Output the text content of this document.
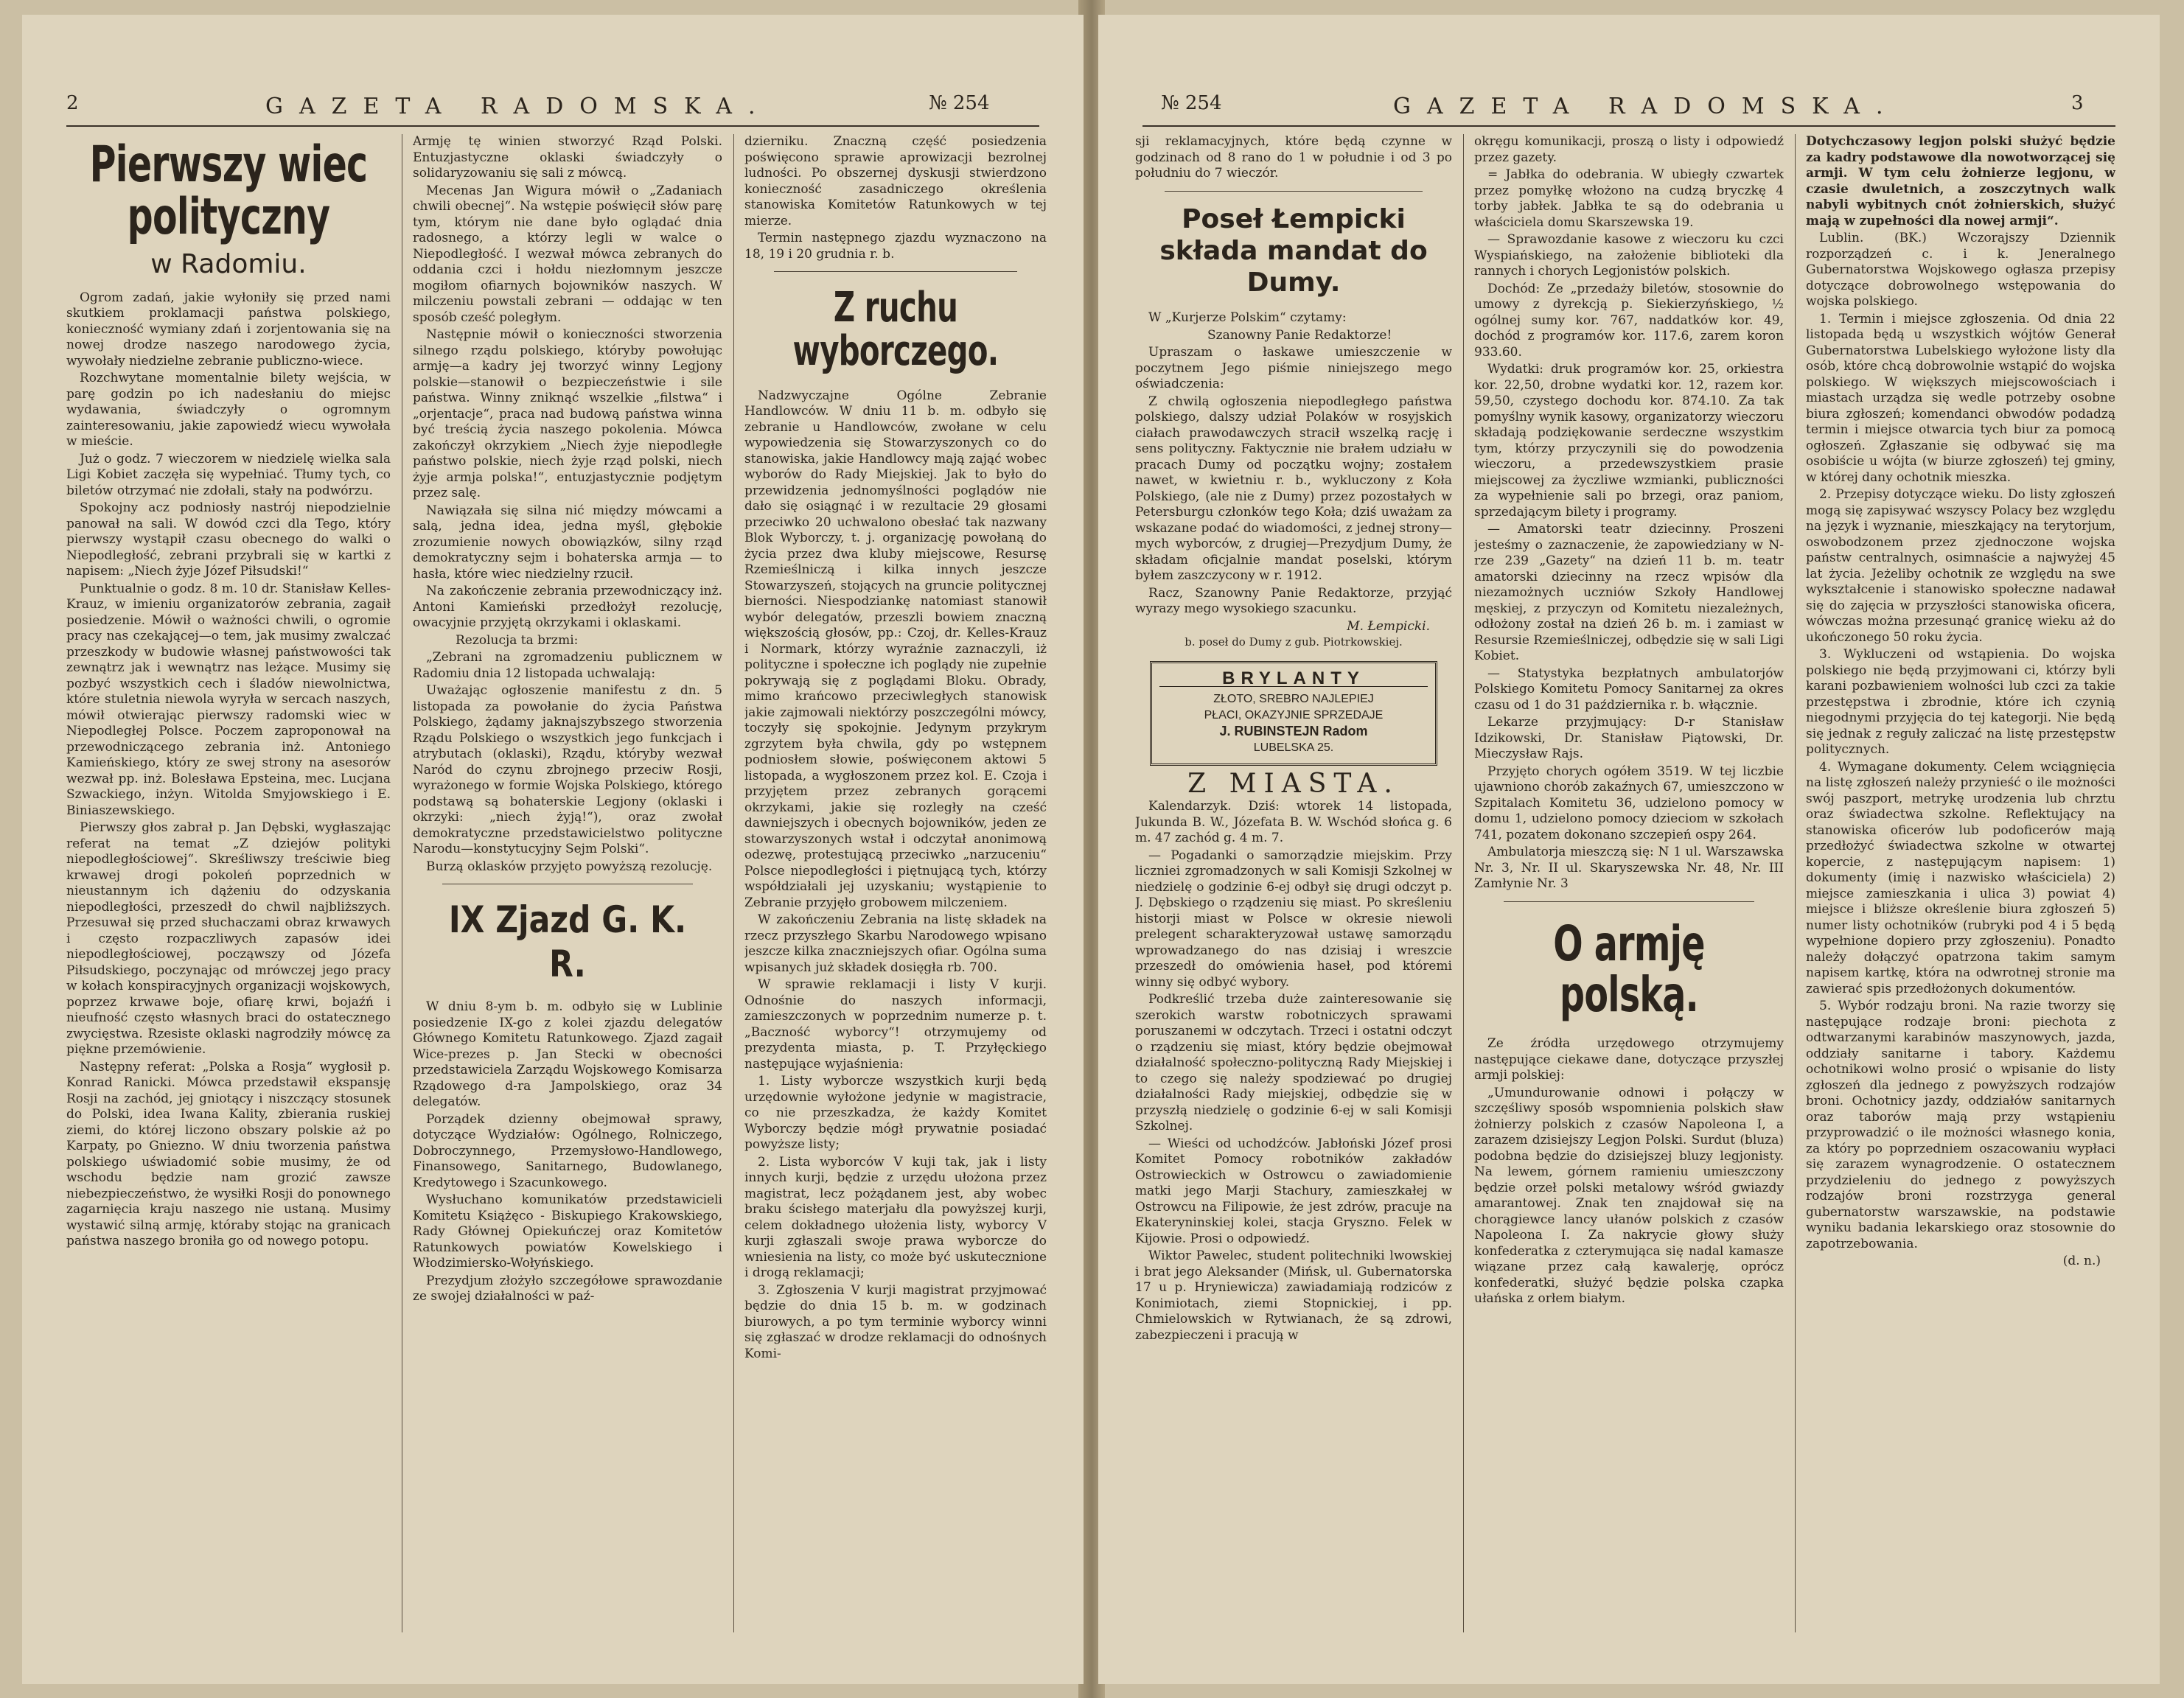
2	GAZETA RADOMSKA.	№ 254
Pierwszy wiec polityczny
w Radomiu.

Ogrom zadań, jakie wyłoniły się przed nami skutkiem proklamacji państwa polskiego, konieczność wymiany zdań i zorjentowania się na nowej drodze naszego narodowego życia, wywołały niedzielne zebranie publiczno-wiece.

Rozchwytane momentalnie bilety wejścia, w parę godzin po ich nadesłaniu do miejsc wydawania, świadczyły o ogromnym zainteresowaniu, jakie zapowiedź wiecu wywołała w mieście.

Już o godz. 7 wieczorem w niedzielę wielka sala Ligi Kobiet zaczęła się wypełniać. Tłumy tych, co biletów otrzymać nie zdołali, stały na podwórzu.

Spokojny acz podniosły nastrój niepodzielnie panował na sali. W dowód czci dla Tego, który pierwszy wystąpił czasu obecnego do walki o Niepodległość, zebrani przybrali się w kartki z napisem: „Niech żyje Józef Piłsudski!“

Punktualnie o godz. 8 m. 10 dr. Stanisław Kelles-Krauz, w imieniu organizatorów zebrania, zagaił posiedzenie. Mówił o ważności chwili, o ogromie pracy nas czekającej—o tem, jak musimy zwalczać przeszkody w budowie własnej państwowości tak zewnątrz jak i wewnątrz nas leżące. Musimy się pozbyć wszystkich cech i śladów niewolnictwa, które stuletnia niewola wyryła w sercach naszych, mówił otwierając pierwszy radomski wiec w Niepodległej Polsce. Poczem zaproponował na przewodniczącego zebrania inż. Antoniego Kamieńskiego, który ze swej strony na asesorów wezwał pp. inż. Bolesława Epsteina, mec. Lucjana Szwackiego, inżyn. Witolda Smyjowskiego i E. Biniaszewskiego.

Pierwszy głos zabrał p. Jan Dębski, wygłaszając referat na temat „Z dziejów polityki niepodległościowej“. Skreśliwszy treściwie bieg krwawej drogi pokoleń poprzednich w nieustannym ich dążeniu do odzyskania niepodległości, przeszedł do chwil najbliższych. Przesuwał się przed słuchaczami obraz krwawych i często rozpaczliwych zapasów idei niepodległościowej, począwszy od Józefa Piłsudskiego, poczynając od mrówczej jego pracy w kołach konspiracyjnych organizacji wojskowych, poprzez krwawe boje, ofiarę krwi, bojaźń i nieufność często własnych braci do ostatecznego zwycięstwa. Rzesiste oklaski nagrodziły mówcę za piękne przemówienie.

Następny referat: „Polska a Rosja“ wygłosił p. Konrad Ranicki. Mówca przedstawił ekspansję Rosji na zachód, jej gniotący i niszczący stosunek do Polski, idea Iwana Kality, zbierania ruskiej ziemi, do której liczono obszary polskie aż po Karpaty, po Gniezno. W dniu tworzenia państwa polskiego uświadomić sobie musimy, że od wschodu będzie nam grozić zawsze niebezpieczeństwo, że wysiłki Rosji do ponownego zagarnięcia kraju naszego nie ustaną. Musimy wystawić silną armję, któraby stojąc na granicach państwa naszego broniła go od nowego potopu.

Armję tę winien stworzyć Rząd Polski. Entuzjastyczne oklaski świadczyły o solidaryzowaniu się sali z mówcą.

Mecenas Jan Wigura mówił o „Zadaniach chwili obecnej“. Na wstępie poświęcił słów parę tym, którym nie dane było oglądać dnia radosnego, a którzy legli w walce o Niepodległość. I wezwał mówca zebranych do oddania czci i hołdu niezłomnym jeszcze mogiłom ofiarnych bojowników naszych. W milczeniu powstali zebrani — oddając w ten sposób cześć poległym.

Następnie mówił o konieczności stworzenia silnego rządu polskiego, któryby powołując armję—a kadry jej tworzyć winny Legjony polskie—stanowił o bezpieczeństwie i sile państwa. Winny zniknąć wszelkie „filstwa“ i „orjentacje“, praca nad budową państwa winna być treścią życia naszego pokolenia. Mówca zakończył okrzykiem „Niech żyje niepodległe państwo polskie, niech żyje rząd polski, niech żyje armja polska!“, entuzjastycznie podjętym przez salę.

Nawiązała się silna nić między mówcami a salą, jedna idea, jedna myśl, głębokie zrozumienie nowych obowiązków, silny rząd demokratyczny sejm i bohaterska armja — to hasła, które wiec niedzielny rzucił.

Na zakończenie zebrania przewodniczący inż. Antoni Kamieński przedłożył rezolucję, owacyjnie przyjętą okrzykami i oklaskami.

Rezolucja ta brzmi:

„Zebrani na zgromadzeniu publicznem w Radomiu dnia 12 listopada uchwalają:

Uważając ogłoszenie manifestu z dn. 5 listopada za powołanie do życia Państwa Polskiego, żądamy jaknajszybszego stworzenia Rządu Polskiego o wszystkich jego funkcjach i atrybutach (oklaski), Rządu, któryby wezwał Naród do czynu zbrojnego przeciw Rosji, wyrażonego w formie Wojska Polskiego, którego podstawą są bohaterskie Legjony (oklaski i okrzyki: „niech żyją!“), oraz zwołał demokratyczne przedstawicielstwo polityczne Narodu—konstytucyjny Sejm Polski“.

Burzą oklasków przyjęto powyższą rezolucję.

IX Zjazd G. K. R.

W dniu 8-ym b. m. odbyło się w Lublinie posiedzenie IX-go z kolei zjazdu delegatów Głównego Komitetu Ratunkowego. Zjazd zagaił Wice-prezes p. Jan Stecki w obecności przedstawiciela Zarządu Wojskowego Komisarza Rządowego d-ra Jampolskiego, oraz 34 delegatów.

Porządek dzienny obejmował sprawy, dotyczące Wydziałów: Ogólnego, Rolniczego, Dobroczynnego, Przemysłowo-Handlowego, Finansowego, Sanitarnego, Budowlanego, Kredytowego i Szacunkowego.

Wysłuchano komunikatów przedstawicieli Komitetu Książęco - Biskupiego Krakowskiego, Rady Głównej Opiekuńczej oraz Komitetów Ratunkowych powiatów Kowelskiego i Włodzimiersko-Wołyńskiego.

Prezydjum złożyło szczegółowe sprawozdanie ze swojej działalności w paź-

dzierniku. Znaczną część posiedzenia poświęcono sprawie aprowizacji bezrolnej ludności. Po obszernej dyskusji stwierdzono konieczność zasadniczego określenia stanowiska Komitetów Ratunkowych w tej mierze.

Termin następnego zjazdu wyznaczono na 18, 19 i 20 grudnia r. b.

Z ruchu wyborczego.

Nadzwyczajne Ogólne Zebranie Handlowców. W dniu 11 b. m. odbyło się zebranie u Handlowców, zwołane w celu wypowiedzenia się Stowarzyszonych co do stanowiska, jakie Handlowcy mają zająć wobec wyborów do Rady Miejskiej. Jak to było do przewidzenia jednomyślności poglądów nie dało się osiągnąć i w rezultacie 29 głosami przeciwko 20 uchwalono obesłać tak nazwany Blok Wyborczy, t. j. organizację powołaną do życia przez dwa kluby miejscowe, Resursę Rzemieślniczą i kilka innych jeszcze Stowarzyszeń, stojących na gruncie politycznej bierności. Niespodziankę natomiast stanowił wybór delegatów, przeszli bowiem znaczną większością głosów, pp.: Czoj, dr. Kelles-Krauz i Normark, którzy wyraźnie zaznaczyli, iż polityczne i społeczne ich poglądy nie zupełnie pokrywają się z poglądami Bloku. Obrady, mimo krańcowo przeciwległych stanowisk jakie zajmowali niektórzy poszczególni mówcy, toczyły się spokojnie. Jedynym przykrym zgrzytem była chwila, gdy po wstępnem podniosłem słowie, poświęconem aktowi 5 listopada, a wygłoszonem przez kol. E. Czoja i przyjętem przez zebranych gorącemi okrzykami, jakie się rozległy na cześć dawniejszych i obecnych bojowników, jeden ze stowarzyszonych wstał i odczytał anonimową odezwę, protestującą przeciwko „narzuceniu“ Polsce niepodległości i piętnującą tych, którzy współdziałali jej uzyskaniu; wystąpienie to Zebranie przyjęło grobowem milczeniem.

W zakończeniu Zebrania na listę składek na rzecz przyszłego Skarbu Narodowego wpisano jeszcze kilka znaczniejszych ofiar. Ogólna suma wpisanych już składek dosięgła rb. 700.

W sprawie reklamacji i listy V kurji. Odnośnie do naszych informacji, zamieszczonych w poprzednim numerze p. t. „Baczność wyborcy“! otrzymujemy od prezydenta miasta, p. T. Przyłęckiego następujące wyjaśnienia:

1. Listy wyborcze wszystkich kurji będą urzędownie wyłożone jedynie w magistracie, co nie przeszkadza, że każdy Komitet Wyborczy będzie mógł prywatnie posiadać powyższe listy;

2. Lista wyborców V kuji tak, jak i listy innych kurji, będzie z urzędu ułożona przez magistrat, lecz pożądanem jest, aby wobec braku ścisłego materjału dla powyższej kurji, celem dokładnego ułożenia listy, wyborcy V kurji zgłaszali swoje prawa wyborcze do wniesienia na listy, co może być uskutecznione i drogą reklamacji;

3. Zgłoszenia V kurji magistrat przyjmować będzie do dnia 15 b. m. w godzinach biurowych, a po tym terminie wyborcy winni się zgłaszać w drodze reklamacji do odnośnych Komi-

№ 254	GAZETA RADOMSKA.	3

sji reklamacyjnych, które będą czynne w godzinach od 8 rano do 1 w południe i od 3 po południu do 7 wieczór.

Poseł Łempicki składa mandat do Dumy.

W „Kurjerze Polskim“ czytamy:

Szanowny Panie Redaktorze!

Upraszam o łaskawe umieszczenie w poczytnem Jego piśmie niniejszego mego oświadczenia:

Z chwilą ogłoszenia niepodległego państwa polskiego, dalszy udział Polaków w rosyjskich ciałach prawodawczych stracił wszelką rację i sens polityczny. Faktycznie nie brałem udziału w pracach Dumy od początku wojny; zostałem nawet, w kwietniu r. b., wykluczony z Koła Polskiego, (ale nie z Dumy) przez pozostałych w Petersburgu członków tego Koła; dziś uważam za wskazane podać do wiadomości, z jednej strony—mych wyborców, z drugiej—Prezydjum Dumy, że składam oficjalnie mandat poselski, którym byłem zaszczycony w r. 1912.

Racz, Szanowny Panie Redaktorze, przyjąć wyrazy mego wysokiego szacunku.

M. Łempicki.
b. poseł do Dumy z gub. Piotrkowskiej.
BRYLANTY
ZŁOTO, SREBRO NAJLEPIEJ
PŁACI, OKAZYJNIE SPRZEDAJE
J. RUBINSTEJN Radom
LUBELSKA 25.
Z MIASTA.

Kalendarzyk. Dziś: wtorek 14 listopada, Jukunda B. W., Józefata B. W. Wschód słońca g. 6 m. 47 zachód g. 4 m. 7.

— Pogadanki o samorządzie miejskim. Przy liczniei zgromadzonych w sali Komisji Szkolnej w niedzielę o godzinie 6-ej odbył się drugi odczyt p. J. Dębskiego o rządzeniu się miast. Po skreśleniu historji miast w Polsce w okresie niewoli prelegent scharakteryzował ustawę samorządu wprowadzanego do nas dzisiaj i wreszcie przeszedł do omówienia haseł, pod któremi winny się odbyć wybory.

Podkreślić trzeba duże zainteresowanie się szerokich warstw robotniczych sprawami poruszanemi w odczytach. Trzeci i ostatni odczyt o rządzeniu się miast, który będzie obejmował działalność społeczno-polityczną Rady Miejskiej i to czego się należy spodziewać po drugiej działalności Rady miejskiej, odbędzie się w przyszłą niedzielę o godzinie 6-ej w sali Komisji Szkolnej.

— Wieści od uchodźców. Jabłoński Józef prosi Komitet Pomocy robotników zakładów Ostrowieckich w Ostrowcu o zawiadomienie matki jego Marji Stachury, zamieszkałej w Ostrowcu na Filipowie, że jest zdrów, pracuje na Ekateryninskiej kolei, stacja Gryszno. Felek w Kijowie. Prosi o odpowiedź.

Wiktor Pawelec, student politechniki lwowskiej i brat jego Aleksander (Mińsk, ul. Gubernatorska 17 u p. Hryniewicza) zawiadamiają rodziców z Konimiotach, ziemi Stopnickiej, i pp. Chmielowskich w Rytwianach, że są zdrowi, zabezpieczeni i pracują w

okręgu komunikacji, proszą o listy i odpowiedź przez gazety.

= Jabłka do odebrania. W ubiegły czwartek przez pomyłkę włożono na cudzą bryczkę 4 torby jabłek. Jabłka te są do odebrania u właściciela domu Skarszewska 19.

— Sprawozdanie kasowe z wieczoru ku czci Wyspiańskiego, na założenie biblioteki dla rannych i chorych Legjonistów polskich.

Dochód: Ze „przedaży biletów, stosownie do umowy z dyrekcją p. Siekierzyńskiego, ½ ogólnej sumy kor. 767, naddatków kor. 49, dochód z programów kor. 117.6, zarem koron 933.60.

Wydatki: druk programów kor. 25, orkiestra kor. 22,50, drobne wydatki kor. 12, razem kor. 59,50, czystego dochodu kor. 874.10. Za tak pomyślny wynik kasowy, organizatorzy wieczoru składają podziękowanie serdeczne wszystkim tym, którzy przyczynili się do powodzenia wieczoru, a przedewszystkiem prasie miejscowej za życzliwe wzmianki, publiczności za wypełnienie sali po brzegi, oraz paniom, sprzedającym bilety i programy.

— Amatorski teatr dziecinny. Proszeni jesteśmy o zaznaczenie, że zapowiedziany w N-rze 239 „Gazety“ na dzień 11 b. m. teatr amatorski dziecinny na rzecz wpisów dla niezamożnych uczniów Szkoły Handlowej męskiej, z przyczyn od Komitetu niezależnych, odłożony został na dzień 26 b. m. i zamiast w Resursie Rzemieślniczej, odbędzie się w sali Ligi Kobiet.

— Statystyka bezpłatnych ambulatorjów Polskiego Komitetu Pomocy Sanitarnej za okres czasu od 1 do 31 października r. b. włącznie.

Lekarze przyjmujący: D-r Stanisław Idzikowski, Dr. Stanisław Piątowski, Dr. Mieczysław Rajs.

Przyjęto chorych ogółem 3519. W tej liczbie ujawniono chorób zakaźnych 67, umieszczono w Szpitalach Komitetu 36, udzielono pomocy w domu 1, udzielono pomocy dzieciom w szkołach 741, pozatem dokonano szczepień ospy 264.

Ambulatorja mieszczą się: N 1 ul. Warszawska Nr. 3, Nr. II ul. Skaryszewska Nr. 48, Nr. III Zamłynie Nr. 3

O armję polską.

Ze źródła urzędowego otrzymujemy następujące ciekawe dane, dotyczące przyszłej armji polskiej:

„Umundurowanie odnowi i połączy w szczęśliwy sposób wspomnienia polskich sław żołnierzy polskich z czasów Napoleona I, a zarazem dzisiejszy Legjon Polski. Surdut (bluza) podobna będzie do dzisiejszej bluzy legjonisty. Na lewem, górnem ramieniu umieszczony będzie orzeł polski metalowy wśród gwiazdy amarantowej. Znak ten znajdował się na chorągiewce lancy ułanów polskich z czasów Napoleona I. Za nakrycie głowy służy konfederatka z czterymująca się nadal kamasze wiązane przez całą kawalerję, oprócz konfederatki, służyć będzie polska czapka ułańska z orłem białym.

Dotychczasowy legjon polski służyć będzie za kadry podstawowe dla nowotworzącej się armji. W tym celu żołnierze legjonu, w czasie dwuletnich, a zoszczytnych walk nabyli wybitnych cnót żołnierskich, służyć mają w zupełności dla nowej armji“.

Lublin. (BK.) Wczorajszy Dziennik rozporządzeń c. i k. Jeneralnego Gubernatorstwa Wojskowego ogłasza przepisy dotyczące dobrowolnego wstępowania do wojska polskiego.

1. Termin i miejsce zgłoszenia. Od dnia 22 listopada będą u wszystkich wójtów Generał Gubernatorstwa Lubelskiego wyłożone listy dla osób, które chcą dobrowolnie wstąpić do wojska polskiego. W większych miejscowościach i miastach urządza się wedle potrzeby osobne biura zgłoszeń; komendanci obwodów podadzą termin i miejsce otwarcia tych biur za pomocą ogłoszeń. Zgłaszanie się odbywać się ma osobiście u wójta (w biurze zgłoszeń) tej gminy, w której dany ochotnik mieszka.

2. Przepisy dotyczące wieku. Do listy zgłoszeń mogą się zapisywać wszyscy Polacy bez względu na język i wyznanie, mieszkający na terytorjum, oswobodzonem przez zjednoczone wojska państw centralnych, osimnaście a najwyżej 45 lat życia. Jeżeliby ochotnik ze względu na swe wykształcenie i stanowisko społeczne nadawał się do zajęcia w przyszłości stanowiska oficera, wówczas można przesunąć granicę wieku aż do ukończonego 50 roku życia.

3. Wykluczeni od wstąpienia. Do wojska polskiego nie będą przyjmowani ci, którzy byli karani pozbawieniem wolności lub czci za takie przestępstwa i zbrodnie, które ich czynią niegodnymi przyjęcia do tej kategorji. Nie będą się jednak z reguły zaliczać na listę przestępstw politycznych.

4. Wymagane dokumenty. Celem wciągnięcia na listę zgłoszeń należy przynieść o ile możności swój paszport, metrykę urodzenia lub chrztu oraz świadectwa szkolne. Reflektujący na stanowiska oficerów lub podoficerów mają przedłożyć świadectwa szkolne w otwartej kopercie, z następującym napisem: 1) dokumenty (imię i nazwisko właściciela) 2) miejsce zamieszkania i ulica 3) powiat 4) miejsce i bliższe określenie biura zgłoszeń 5) numer listy ochotników (rubryki pod 4 i 5 będą wypełnione dopiero przy zgłoszeniu). Ponadto należy dołączyć opatrzona takim samym napisem kartkę, która na odwrotnej stronie ma zawierać spis przedłożonych dokumentów.

5. Wybór rodzaju broni. Na razie tworzy się następujące rodzaje broni: piechota z odtwarzanymi karabinów maszynowych, jazda, oddziały sanitarne i tabory. Każdemu ochotnikowi wolno prosić o wpisanie do listy zgłoszeń dla jednego z powyższych rodzajów broni. Ochotnicy jazdy, oddziałów sanitarnych oraz taborów mają przy wstąpieniu przyprowadzić o ile możności własnego konia, za który po poprzedniem oszacowaniu wypłaci się zarazem wynagrodzenie. O ostatecznem przydzieleniu do jednego z powyższych rodzajów broni rozstrzyga general gubernatorstw warszawskie, na podstawie wyniku badania lekarskiego oraz stosownie do zapotrzebowania.

(d. n.)
